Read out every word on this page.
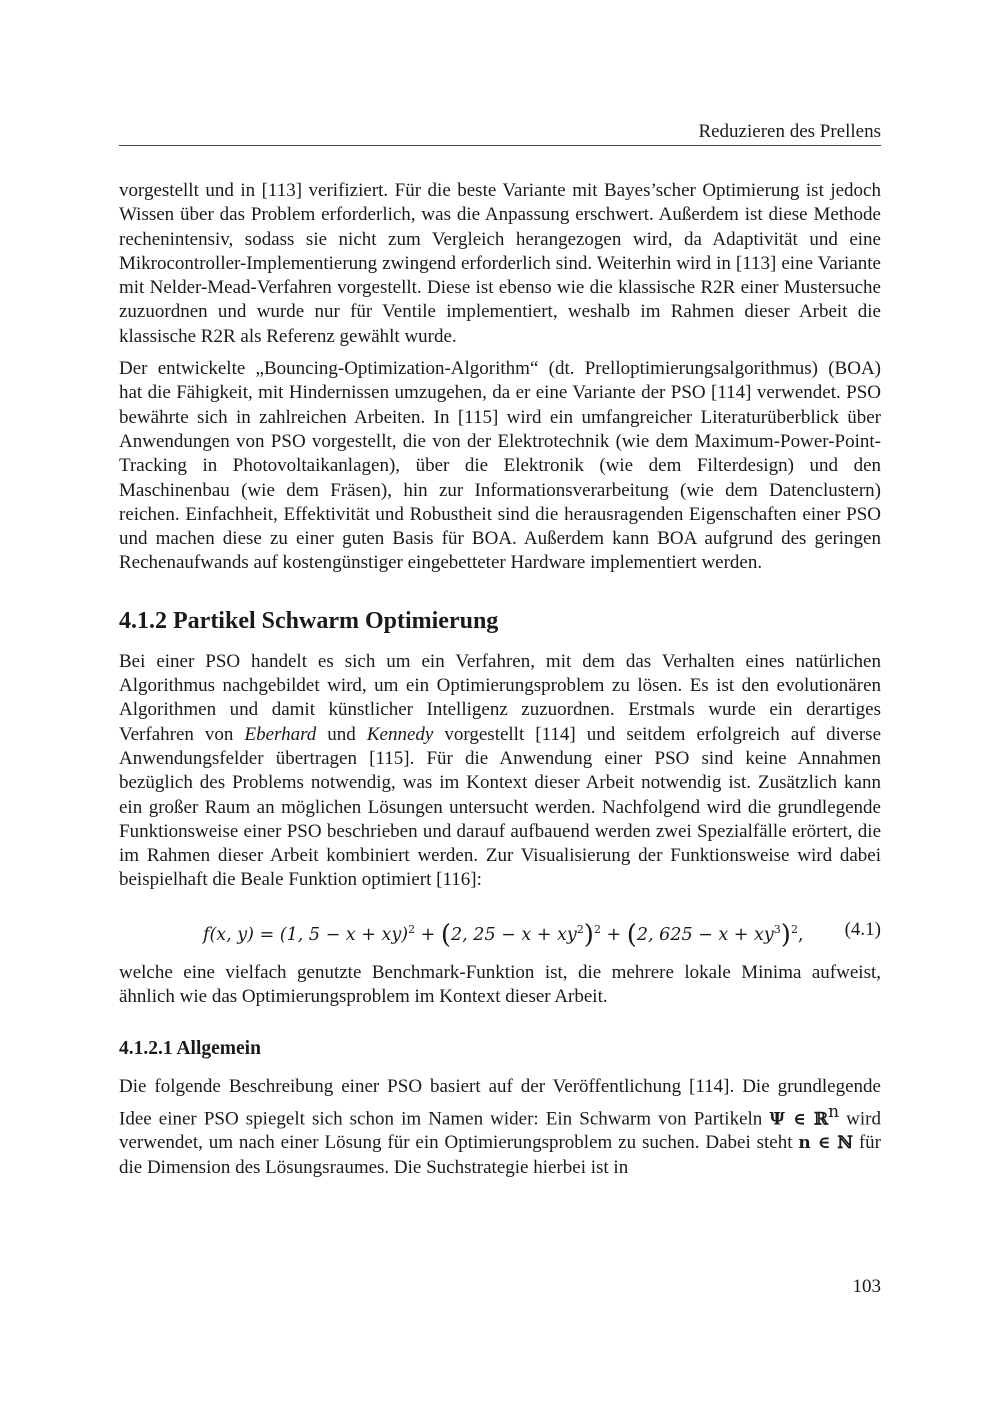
Reduzieren des Prellens

vorgestellt und in [113] verifiziert. Für die beste Variante mit Bayes’scher Optimierung ist jedoch Wissen über das Problem erforderlich, was die Anpassung erschwert. Außerdem ist diese Methode rechenintensiv, sodass sie nicht zum Vergleich herangezogen wird, da Adaptivität und eine Mikrocontroller-Implementierung zwingend erforderlich sind. Weiterhin wird in [113] eine Variante mit Nelder-Mead-Verfahren vorgestellt. Diese ist ebenso wie die klassische R2R einer Mustersuche zuzuordnen und wurde nur für Ventile implementiert, weshalb im Rahmen dieser Arbeit die klassische R2R als Referenz gewählt wurde.

Der entwickelte „Bouncing-Optimization-Algorithm“ (dt. Prelloptimierungsalgorithmus) (BOA) hat die Fähigkeit, mit Hindernissen umzugehen, da er eine Variante der PSO [114] verwendet. PSO bewährte sich in zahlreichen Arbeiten. In [115] wird ein umfangreicher Literaturüberblick über Anwendungen von PSO vorgestellt, die von der Elektrotechnik (wie dem Maximum-Power-Point-Tracking in Photovoltaikanlagen), über die Elektronik (wie dem Filterdesign) und den Maschinenbau (wie dem Fräsen), hin zur Informationsverarbeitung (wie dem Datenclustern) reichen. Einfachheit, Effektivität und Robustheit sind die herausragenden Eigenschaften einer PSO und machen diese zu einer guten Basis für BOA. Außerdem kann BOA aufgrund des geringen Rechenaufwands auf kostengünstiger eingebetteter Hardware implementiert werden.

4.1.2 Partikel Schwarm Optimierung

Bei einer PSO handelt es sich um ein Verfahren, mit dem das Verhalten eines natürlichen Algorithmus nachgebildet wird, um ein Optimierungsproblem zu lösen. Es ist den evolutionären Algorithmen und damit künstlicher Intelligenz zuzuordnen. Erstmals wurde ein derartiges Verfahren von Eberhard und Kennedy vorgestellt [114] und seitdem erfolgreich auf diverse Anwendungsfelder übertragen [115]. Für die Anwendung einer PSO sind keine Annahmen bezüglich des Problems notwendig, was im Kontext dieser Arbeit notwendig ist. Zusätzlich kann ein großer Raum an möglichen Lösungen untersucht werden. Nachfolgend wird die grundlegende Funktionsweise einer PSO beschrieben und darauf aufbauend werden zwei Spezialfälle erörtert, die im Rahmen dieser Arbeit kombiniert werden. Zur Visualisierung der Funktionsweise wird dabei beispielhaft die Beale Funktion optimiert [116]:

f(x, y) = (1, 5 − x + xy)$^2$ + (2, $25 - x + xy^2)^2 + (2$, $625 - x + xy^3)^2$, (4.1)

welche eine vielfach genutzte Benchmark-Funktion ist, die mehrere lokale Minima aufweist, ähnlich wie das Optimierungsproblem im Kontext dieser Arbeit.

4.1.2.1 Allgemein

Die folgende Beschreibung einer PSO basiert auf der Veröffentlichung [114]. Die grundlegende Idee einer PSO spiegelt sich schon im Namen wider: Ein Schwarm von Partikeln Ψ ∈ ℝ$^n$ wird verwendet, um nach einer Lösung für ein Optimierungsproblem zu suchen. Dabei steht n ∈ ℕ für die Dimension des Lösungsraumes. Die Suchstrategie hierbei ist in

103
